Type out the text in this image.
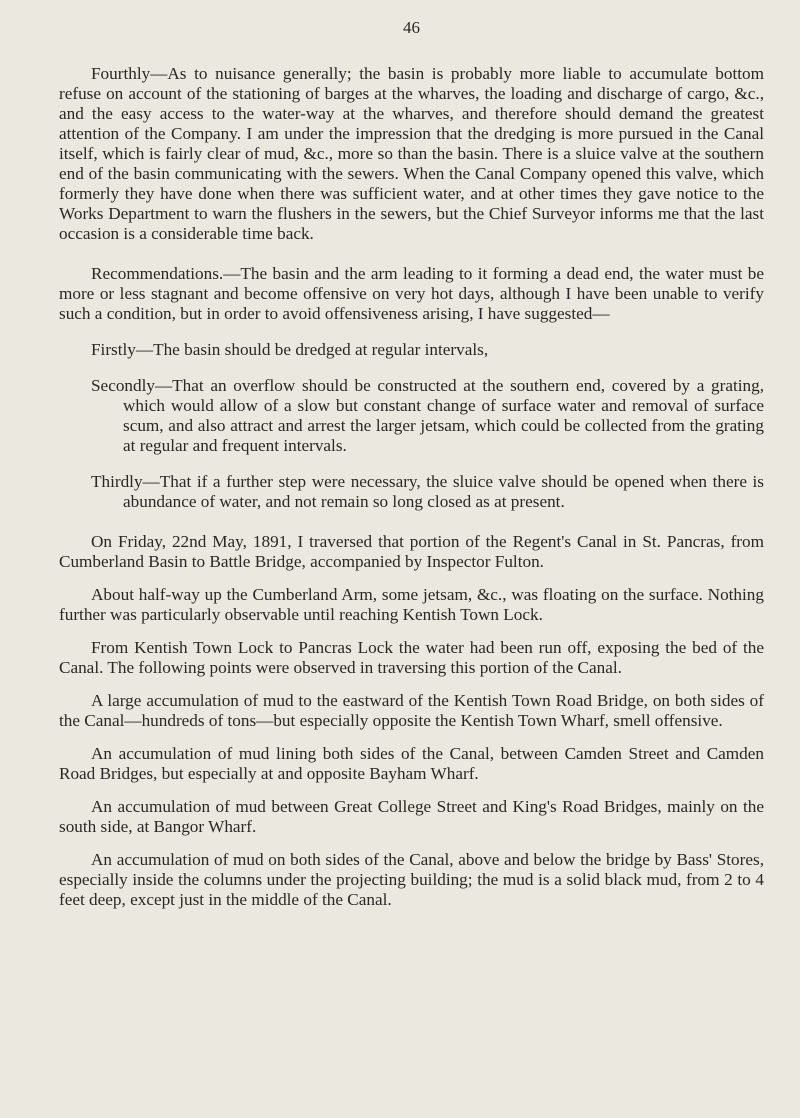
46

Fourthly—As to nuisance generally; the basin is probably more liable to accumulate bottom refuse on account of the stationing of barges at the wharves, the loading and discharge of cargo, &c., and the easy access to the water-way at the wharves, and therefore should demand the greatest attention of the Company. I am under the impression that the dredging is more pursued in the Canal itself, which is fairly clear of mud, &c., more so than the basin. There is a sluice valve at the southern end of the basin communicating with the sewers. When the Canal Company opened this valve, which formerly they have done when there was sufficient water, and at other times they gave notice to the Works Department to warn the flushers in the sewers, but the Chief Surveyor informs me that the last occasion is a considerable time back.

Recommendations.—The basin and the arm leading to it forming a dead end, the water must be more or less stagnant and become offensive on very hot days, although I have been unable to verify such a condition, but in order to avoid offensiveness arising, I have suggested—

Firstly—The basin should be dredged at regular intervals,

Secondly—That an overflow should be constructed at the southern end, covered by a grating, which would allow of a slow but constant change of surface water and removal of surface scum, and also attract and arrest the larger jetsam, which could be collected from the grating at regular and frequent intervals.

Thirdly—That if a further step were necessary, the sluice valve should be opened when there is abundance of water, and not remain so long closed as at present.

On Friday, 22nd May, 1891, I traversed that portion of the Regent's Canal in St. Pancras, from Cumberland Basin to Battle Bridge, accompanied by Inspector Fulton.

About half-way up the Cumberland Arm, some jetsam, &c., was floating on the surface. Nothing further was particularly observable until reaching Kentish Town Lock.

From Kentish Town Lock to Pancras Lock the water had been run off, exposing the bed of the Canal. The following points were observed in traversing this portion of the Canal.

A large accumulation of mud to the eastward of the Kentish Town Road Bridge, on both sides of the Canal—hundreds of tons—but especially opposite the Kentish Town Wharf, smell offensive.

An accumulation of mud lining both sides of the Canal, between Camden Street and Camden Road Bridges, but especially at and opposite Bayham Wharf.

An accumulation of mud between Great College Street and King's Road Bridges, mainly on the south side, at Bangor Wharf.

An accumulation of mud on both sides of the Canal, above and below the bridge by Bass' Stores, especially inside the columns under the projecting building; the mud is a solid black mud, from 2 to 4 feet deep, except just in the middle of the Canal.
